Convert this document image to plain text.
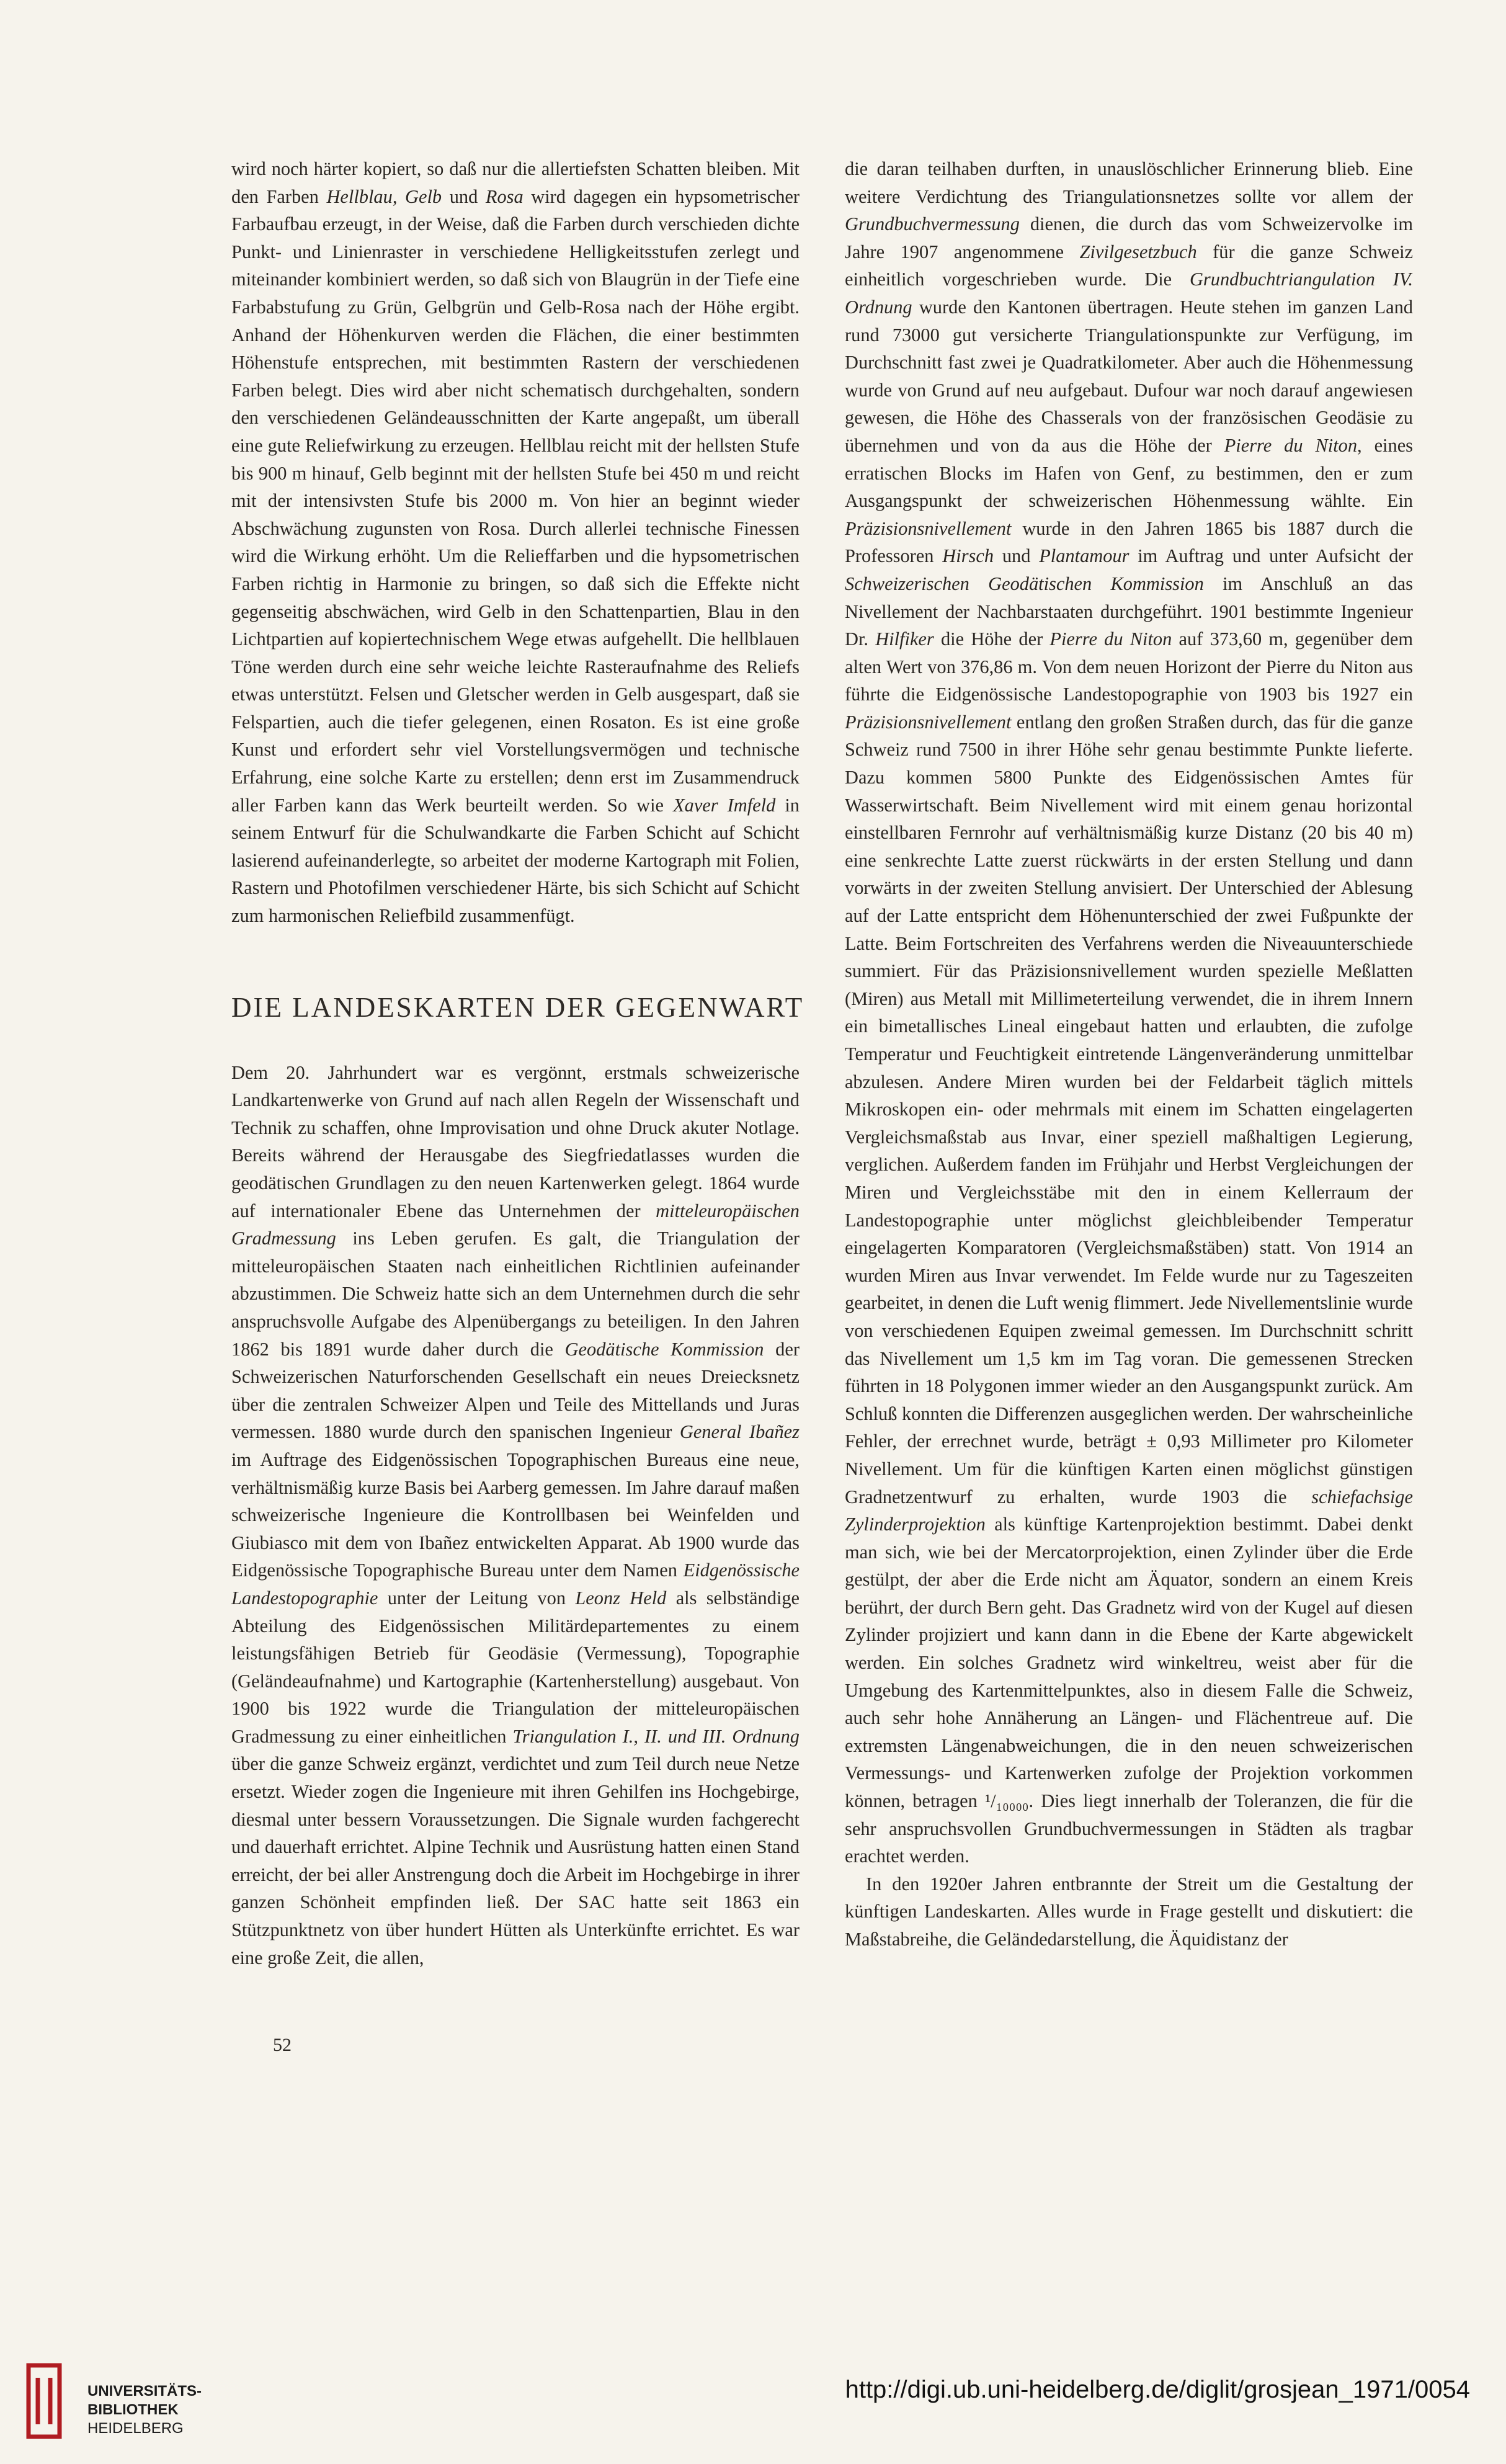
wird noch härter kopiert, so daß nur die allertiefsten Schatten bleiben. Mit den Farben Hellblau, Gelb und Rosa wird dagegen ein hypsometrischer Farbaufbau erzeugt, in der Weise, daß die Farben durch verschieden dichte Punkt- und Linienraster in verschiedene Helligkeitsstufen zerlegt und miteinander kombiniert werden, so daß sich von Blaugrün in der Tiefe eine Farbabstufung zu Grün, Gelbgrün und Gelb-Rosa nach der Höhe ergibt. Anhand der Höhenkurven werden die Flächen, die einer bestimmten Höhenstufe entsprechen, mit bestimmten Rastern der verschiedenen Farben belegt. Dies wird aber nicht schematisch durchgehalten, sondern den verschiedenen Geländeausschnitten der Karte angepaßt, um überall eine gute Reliefwirkung zu erzeugen. Hellblau reicht mit der hellsten Stufe bis 900 m hinauf, Gelb beginnt mit der hellsten Stufe bei 450 m und reicht mit der intensivsten Stufe bis 2000 m. Von hier an beginnt wieder Abschwächung zugunsten von Rosa. Durch allerlei technische Finessen wird die Wirkung erhöht. Um die Relieffarben und die hypsometrischen Farben richtig in Harmonie zu bringen, so daß sich die Effekte nicht gegenseitig abschwächen, wird Gelb in den Schattenpartien, Blau in den Lichtpartien auf kopiertechnischem Wege etwas aufgehellt. Die hellblauen Töne werden durch eine sehr weiche leichte Rasteraufnahme des Reliefs etwas unterstützt. Felsen und Gletscher werden in Gelb ausgespart, daß sie Felspartien, auch die tiefer gelegenen, einen Rosaton. Es ist eine große Kunst und erfordert sehr viel Vorstellungsvermögen und technische Erfahrung, eine solche Karte zu erstellen; denn erst im Zusammendruck aller Farben kann das Werk beurteilt werden. So wie Xaver Imfeld in seinem Entwurf für die Schulwandkarte die Farben Schicht auf Schicht lasierend aufeinanderlegte, so arbeitet der moderne Kartograph mit Folien, Rastern und Photofilmen verschiedener Härte, bis sich Schicht auf Schicht zum harmonischen Reliefbild zusammenfügt.

DIE LANDESKARTEN DER GEGENWART

Dem 20. Jahrhundert war es vergönnt, erstmals schweizerische Landkartenwerke von Grund auf nach allen Regeln der Wissenschaft und Technik zu schaffen, ohne Improvisation und ohne Druck akuter Notlage. Bereits während der Herausgabe des Siegfriedatlasses wurden die geodätischen Grundlagen zu den neuen Kartenwerken gelegt. 1864 wurde auf internationaler Ebene das Unternehmen der mitteleuropäischen Gradmessung ins Leben gerufen. Es galt, die Triangulation der mitteleuropäischen Staaten nach einheitlichen Richtlinien aufeinander abzustimmen. Die Schweiz hatte sich an dem Unternehmen durch die sehr anspruchsvolle Aufgabe des Alpenübergangs zu beteiligen. In den Jahren 1862 bis 1891 wurde daher durch die Geodätische Kommission der Schweizerischen Naturforschenden Gesellschaft ein neues Dreiecksnetz über die zentralen Schweizer Alpen und Teile des Mittellands und Juras vermessen. 1880 wurde durch den spanischen Ingenieur General Ibañez im Auftrage des Eidgenössischen Topographischen Bureaus eine neue, verhältnismäßig kurze Basis bei Aarberg gemessen. Im Jahre darauf maßen schweizerische Ingenieure die Kontrollbasen bei Weinfelden und Giubiasco mit dem von Ibañez entwickelten Apparat. Ab 1900 wurde das Eidgenössische Topographische Bureau unter dem Namen Eidgenössische Landestopographie unter der Leitung von Leonz Held als selbständige Abteilung des Eidgenössischen Militärdepartementes zu einem leistungsfähigen Betrieb für Geodäsie (Vermessung), Topographie (Geländeaufnahme) und Kartographie (Kartenherstellung) ausgebaut. Von 1900 bis 1922 wurde die Triangulation der mitteleuropäischen Gradmessung zu einer einheitlichen Triangulation I., II. und III. Ordnung über die ganze Schweiz ergänzt, verdichtet und zum Teil durch neue Netze ersetzt. Wieder zogen die Ingenieure mit ihren Gehilfen ins Hochgebirge, diesmal unter bessern Voraussetzungen. Die Signale wurden fachgerecht und dauerhaft errichtet. Alpine Technik und Ausrüstung hatten einen Stand erreicht, der bei aller Anstrengung doch die Arbeit im Hochgebirge in ihrer ganzen Schönheit empfinden ließ. Der SAC hatte seit 1863 ein Stützpunktnetz von über hundert Hütten als Unterkünfte errichtet. Es war eine große Zeit, die allen,

die daran teilhaben durften, in unauslöschlicher Erinnerung blieb. Eine weitere Verdichtung des Triangulationsnetzes sollte vor allem der Grundbuchvermessung dienen, die durch das vom Schweizervolke im Jahre 1907 angenommene Zivilgesetzbuch für die ganze Schweiz einheitlich vorgeschrieben wurde. Die Grundbuchtriangulation IV. Ordnung wurde den Kantonen übertragen. Heute stehen im ganzen Land rund 73000 gut versicherte Triangulationspunkte zur Verfügung, im Durchschnitt fast zwei je Quadratkilometer. Aber auch die Höhenmessung wurde von Grund auf neu aufgebaut. Dufour war noch darauf angewiesen gewesen, die Höhe des Chasserals von der französischen Geodäsie zu übernehmen und von da aus die Höhe der Pierre du Niton, eines erratischen Blocks im Hafen von Genf, zu bestimmen, den er zum Ausgangspunkt der schweizerischen Höhenmessung wählte. Ein Präzisionsnivellement wurde in den Jahren 1865 bis 1887 durch die Professoren Hirsch und Plantamour im Auftrag und unter Aufsicht der Schweizerischen Geodätischen Kommission im Anschluß an das Nivellement der Nachbarstaaten durchgeführt. 1901 bestimmte Ingenieur Dr. Hilfiker die Höhe der Pierre du Niton auf 373,60 m, gegenüber dem alten Wert von 376,86 m. Von dem neuen Horizont der Pierre du Niton aus führte die Eidgenössische Landestopographie von 1903 bis 1927 ein Präzisionsnivellement entlang den großen Straßen durch, das für die ganze Schweiz rund 7500 in ihrer Höhe sehr genau bestimmte Punkte lieferte. Dazu kommen 5800 Punkte des Eidgenössischen Amtes für Wasserwirtschaft. Beim Nivellement wird mit einem genau horizontal einstellbaren Fernrohr auf verhältnismäßig kurze Distanz (20 bis 40 m) eine senkrechte Latte zuerst rückwärts in der ersten Stellung und dann vorwärts in der zweiten Stellung anvisiert. Der Unterschied der Ablesung auf der Latte entspricht dem Höhenunterschied der zwei Fußpunkte der Latte. Beim Fortschreiten des Verfahrens werden die Niveauunterschiede summiert. Für das Präzisionsnivellement wurden spezielle Meßlatten (Miren) aus Metall mit Millimeterteilung verwendet, die in ihrem Innern ein bimetallisches Lineal eingebaut hatten und erlaubten, die zufolge Temperatur und Feuchtigkeit eintretende Längenveränderung unmittelbar abzulesen. Andere Miren wurden bei der Feldarbeit täglich mittels Mikroskopen ein- oder mehrmals mit einem im Schatten eingelagerten Vergleichsmaßstab aus Invar, einer speziell maßhaltigen Legierung, verglichen. Außerdem fanden im Frühjahr und Herbst Vergleichungen der Miren und Vergleichsstäbe mit den in einem Kellerraum der Landestopographie unter möglichst gleichbleibender Temperatur eingelagerten Komparatoren (Vergleichsmaßstäben) statt. Von 1914 an wurden Miren aus Invar verwendet. Im Felde wurde nur zu Tageszeiten gearbeitet, in denen die Luft wenig flimmert. Jede Nivellementslinie wurde von verschiedenen Equipen zweimal gemessen. Im Durchschnitt schritt das Nivellement um 1,5 km im Tag voran. Die gemessenen Strecken führten in 18 Polygonen immer wieder an den Ausgangspunkt zurück. Am Schluß konnten die Differenzen ausgeglichen werden. Der wahrscheinliche Fehler, der errechnet wurde, beträgt ± 0,93 Millimeter pro Kilometer Nivellement. Um für die künftigen Karten einen möglichst günstigen Gradnetzentwurf zu erhalten, wurde 1903 die schiefachsige Zylinderprojektion als künftige Kartenprojektion bestimmt. Dabei denkt man sich, wie bei der Mercatorprojektion, einen Zylinder über die Erde gestülpt, der aber die Erde nicht am Äquator, sondern an einem Kreis berührt, der durch Bern geht. Das Gradnetz wird von der Kugel auf diesen Zylinder projiziert und kann dann in die Ebene der Karte abgewickelt werden. Ein solches Gradnetz wird winkeltreu, weist aber für die Umgebung des Kartenmittelpunktes, also in diesem Falle die Schweiz, auch sehr hohe Annäherung an Längen- und Flächentreue auf. Die extremsten Längenabweichungen, die in den neuen schweizerischen Vermessungs- und Kartenwerken zufolge der Projektion vorkommen können, betragen ¹/₁₀₀₀₀. Dies liegt innerhalb der Toleranzen, die für die sehr anspruchsvollen Grundbuchvermessungen in Städten als tragbar erachtet werden.

In den 1920er Jahren entbrannte der Streit um die Gestaltung der künftigen Landeskarten. Alles wurde in Frage gestellt und diskutiert: die Maßstabreihe, die Geländedarstellung, die Äquidistanz der

52
UNIVERSITÄTS-
BIBLIOTHEK
HEIDELBERG
http://digi.ub.uni-heidelberg.de/diglit/grosjean_1971/0054
